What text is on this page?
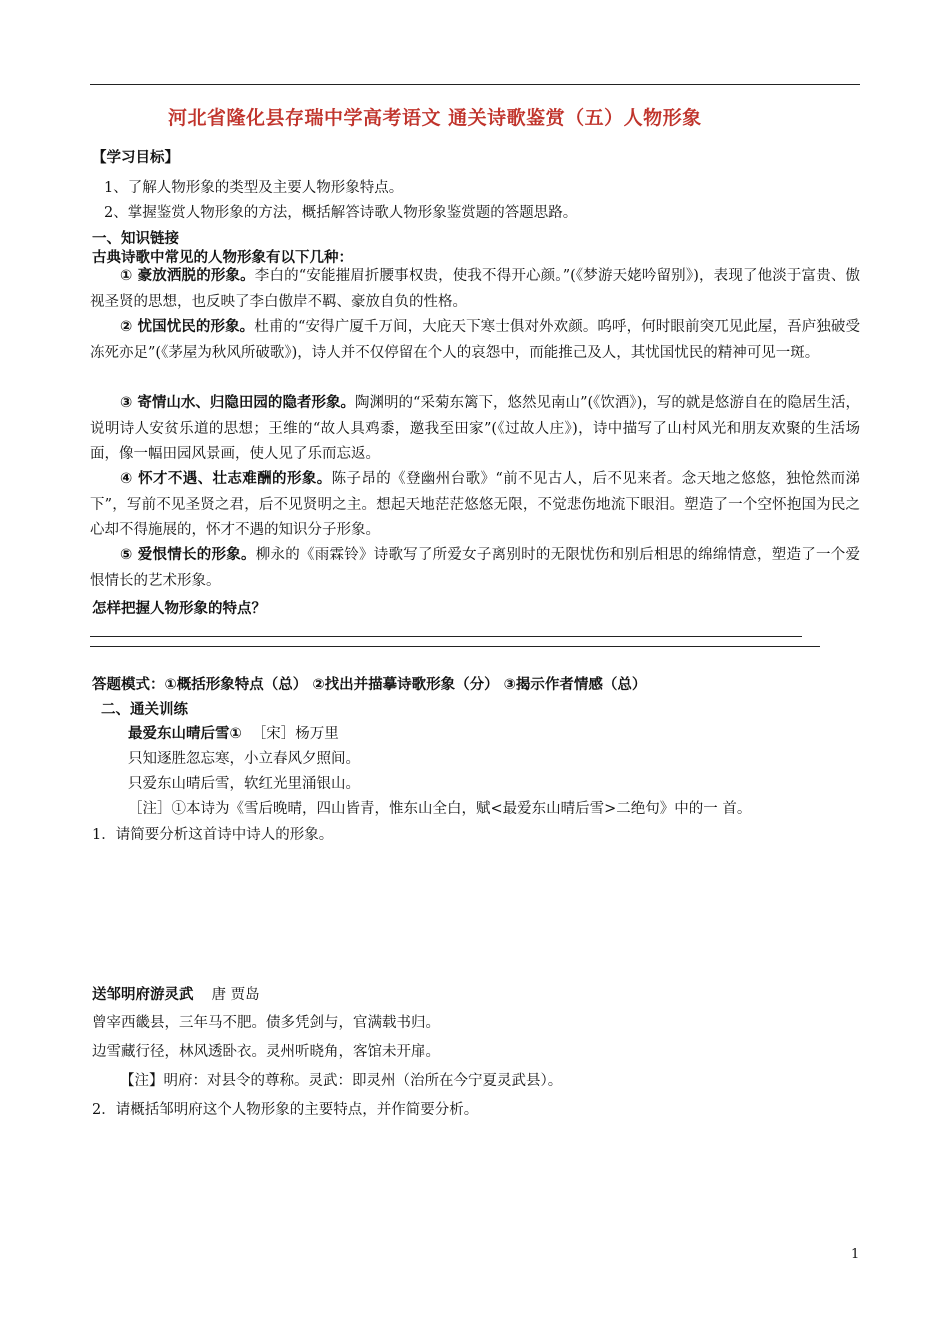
河北省隆化县存瑞中学高考语文 通关诗歌鉴赏（五）人物形象
【学习目标】
1、了解人物形象的类型及主要人物形象特点。
2、掌握鉴赏人物形象的方法，概括解答诗歌人物形象鉴赏题的答题思路。
一、知识链接
古典诗歌中常见的人物形象有以下几种：
① 豪放洒脱的形象。李白的“安能摧眉折腰事权贵，使我不得开心颜。”(《梦游天姥吟留别》)，表现了他淡于富贵、傲视圣贤的思想，也反映了李白傲岸不羁、豪放自负的性格。
② 忧国忧民的形象。杜甫的“安得广厦千万间，大庇天下寒士俱对外欢颜。呜呼，何时眼前突兀见此屋，吾庐独破受冻死亦足”(《茅屋为秋风所破歌》)，诗人并不仅停留在个人的哀怨中，而能推己及人，其忧国忧民的精神可见一斑。
③ 寄情山水、归隐田园的隐者形象。陶渊明的“采菊东篱下，悠然见南山”(《饮酒》)，写的就是悠游自在的隐居生活，说明诗人安贫乐道的思想；王维的“故人具鸡黍，邀我至田家”(《过故人庄》)，诗中描写了山村风光和朋友欢聚的生活场面，像一幅田园风景画，使人见了乐而忘返。
④ 怀才不遇、壮志难酬的形象。陈子昂的《登幽州台歌》“前不见古人，后不见来者。念天地之悠悠，独怆然而涕下”，写前不见圣贤之君，后不见贤明之主。想起天地茫茫悠悠无限，不觉悲伤地流下眼泪。塑造了一个空怀抱国为民之心却不得施展的，怀才不遇的知识分子形象。
⑤ 爱恨情长的形象。柳永的《雨霖铃》诗歌写了所爱女子离别时的无限忧伤和别后相思的绵绵情意，塑造了一个爱恨情长的艺术形象。
怎样把握人物形象的特点？
答题模式：①概括形象特点（总） ②找出并描摹诗歌形象（分） ③揭示作者情感（总）
二、通关训练
最爱东山晴后雪① ［宋］杨万里
只知逐胜忽忘寒，小立春风夕照间。
只爱东山晴后雪，软红光里涌银山。
［注］①本诗为《雪后晚晴，四山皆青，惟东山全白，赋<最爱东山晴后雪>二绝句》中的一 首。
1．请简要分析这首诗中诗人的形象。
送邹明府游灵武 唐 贾岛
曾宰西畿县，三年马不肥。债多凭剑与，官满载书归。
边雪藏行径，林风透卧衣。灵州听晓角，客馆未开扉。
【注】明府：对县令的尊称。灵武：即灵州（治所在今宁夏灵武县）。
2．请概括邹明府这个人物形象的主要特点，并作简要分析。
1
